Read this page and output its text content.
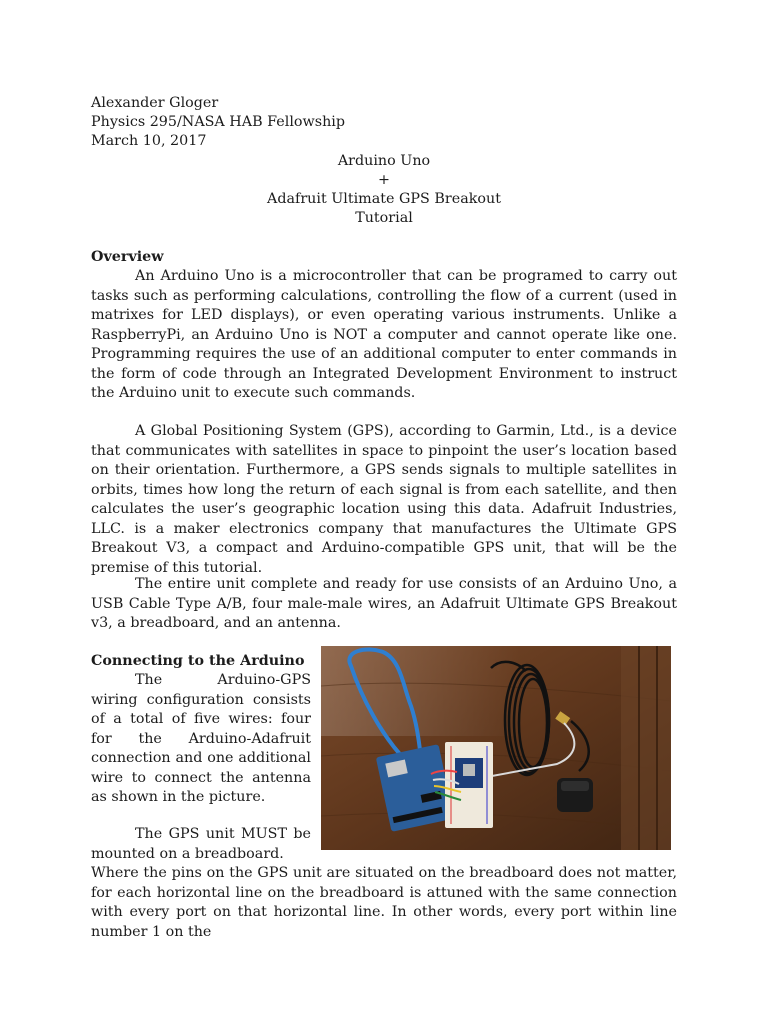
Alexander Gloger

Physics 295/NASA HAB Fellowship

March 10, 2017

Arduino Uno

+

Adafruit Ultimate GPS Breakout

Tutorial

Overview

An Arduino Uno is a microcontroller that can be programed to carry out tasks such as performing calculations, controlling the flow of a current (used in matrixes for LED displays), or even operating various instruments. Unlike a RaspberryPi, an Arduino Uno is NOT a computer and cannot operate like one. Programming requires the use of an additional computer to enter commands in the form of code through an Integrated Development Environment to instruct the Arduino unit to execute such commands.

A Global Positioning System (GPS), according to Garmin, Ltd., is a device that communicates with satellites in space to pinpoint the user’s location based on their orientation. Furthermore, a GPS sends signals to multiple satellites in orbits, times how long the return of each signal is from each satellite, and then calculates the user’s geographic location using this data. Adafruit Industries, LLC. is a maker electronics company that manufactures the Ultimate GPS Breakout V3, a compact and Arduino-compatible GPS unit, that will be the premise of this tutorial.

The entire unit complete and ready for use consists of an Arduino Uno, a USB Cable Type A/B, four male-male wires, an Adafruit Ultimate GPS Breakout v3, a breadboard, and an antenna.

Connecting to the Arduino

The Arduino-GPS wiring configuration consists of a total of five wires: four for the Arduino-Adafruit connection and one additional wire to connect the antenna as shown in the picture.

The GPS unit MUST be mounted on a breadboard.

Where the pins on the GPS unit are situated on the breadboard does not matter, for each horizontal line on the breadboard is attuned with the same connection with every port on that horizontal line. In other words, every port within line number 1 on the
